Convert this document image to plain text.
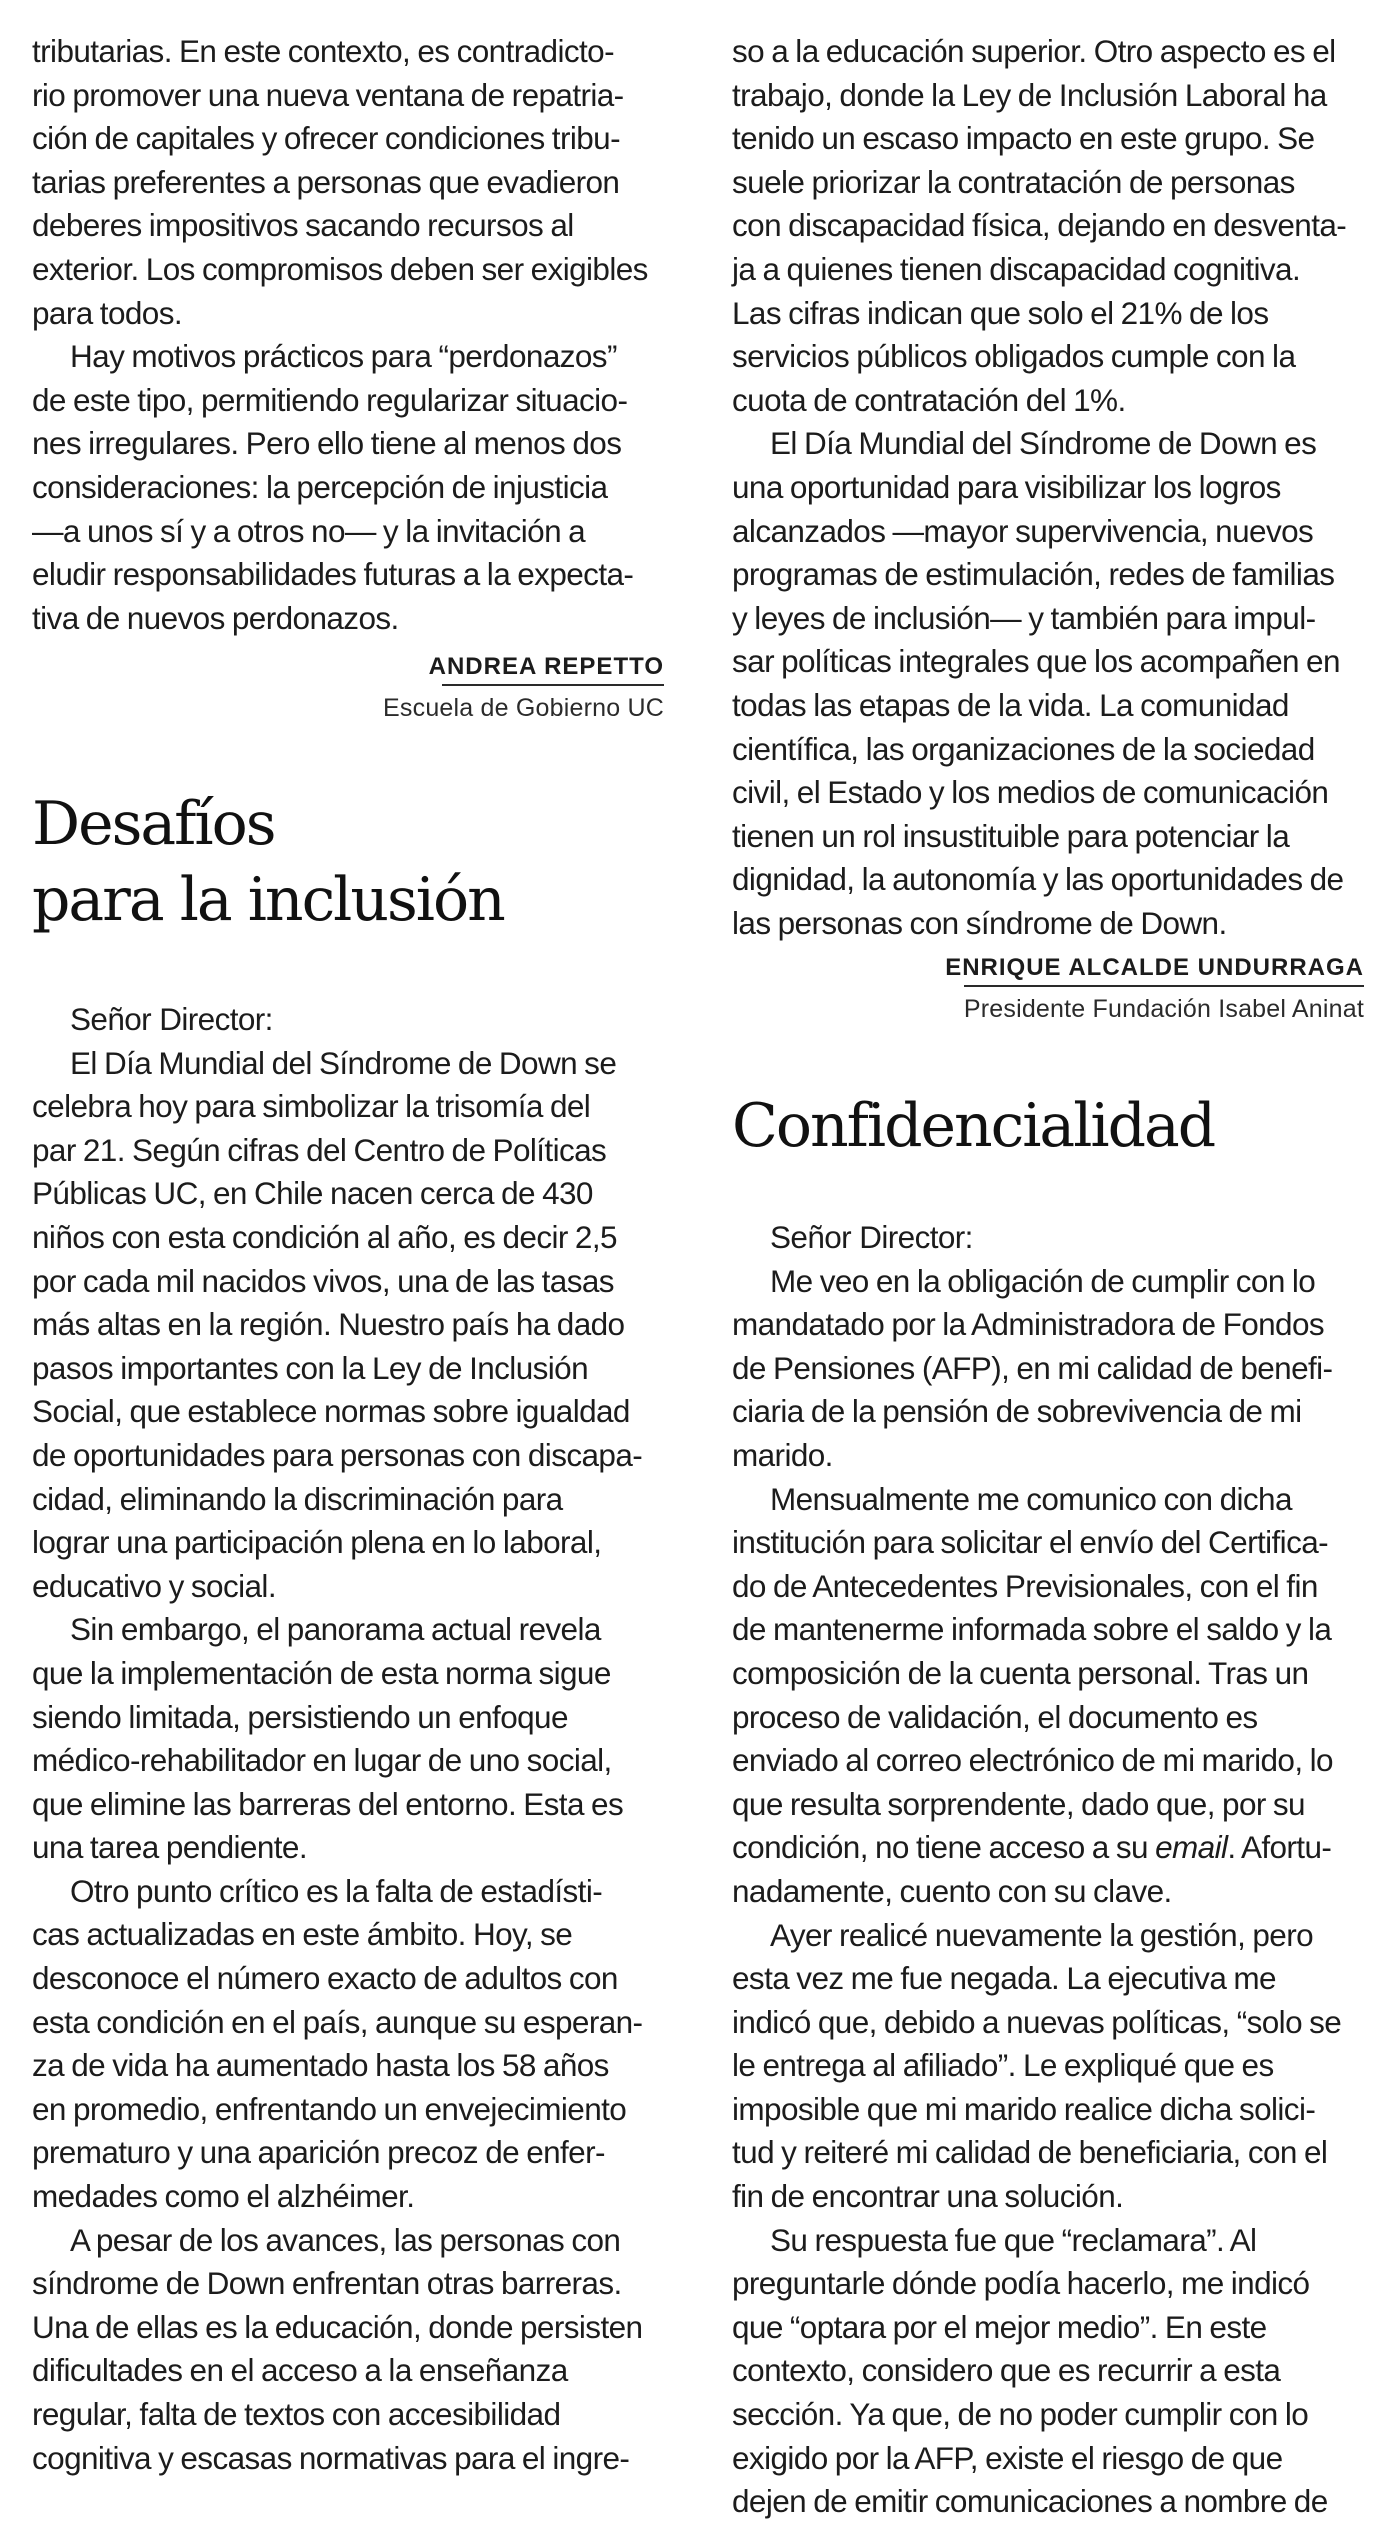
tributarias. En este contexto, es contradicto-
rio promover una nueva ventana de repatria-
ción de capitales y ofrecer condiciones tribu-
tarias preferentes a personas que evadieron
deberes impositivos sacando recursos al
exterior. Los compromisos deben ser exigibles
para todos.

Hay motivos prácticos para “perdonazos”
de este tipo, permitiendo regularizar situacio-
nes irregulares. Pero ello tiene al menos dos
consideraciones: la percepción de injusticia
—a unos sí y a otros no— y la invitación a
eludir responsabilidades futuras a la expecta-
tiva de nuevos perdonazos.

ANDREA REPETTO

Escuela de Gobierno UC

Desafíos
para la inclusión

Señor Director:

El Día Mundial del Síndrome de Down se
celebra hoy para simbolizar la trisomía del
par 21. Según cifras del Centro de Políticas
Públicas UC, en Chile nacen cerca de 430
niños con esta condición al año, es decir 2,5
por cada mil nacidos vivos, una de las tasas
más altas en la región. Nuestro país ha dado
pasos importantes con la Ley de Inclusión
Social, que establece normas sobre igualdad
de oportunidades para personas con discapa-
cidad, eliminando la discriminación para
lograr una participación plena en lo laboral,
educativo y social.

Sin embargo, el panorama actual revela
que la implementación de esta norma sigue
siendo limitada, persistiendo un enfoque
médico-rehabilitador en lugar de uno social,
que elimine las barreras del entorno. Esta es
una tarea pendiente.

Otro punto crítico es la falta de estadísti-
cas actualizadas en este ámbito. Hoy, se
desconoce el número exacto de adultos con
esta condición en el país, aunque su esperan-
za de vida ha aumentado hasta los 58 años
en promedio, enfrentando un envejecimiento
prematuro y una aparición precoz de enfer-
medades como el alzhéimer.

A pesar de los avances, las personas con
síndrome de Down enfrentan otras barreras.
Una de ellas es la educación, donde persisten
dificultades en el acceso a la enseñanza
regular, falta de textos con accesibilidad
cognitiva y escasas normativas para el ingre-

so a la educación superior. Otro aspecto es el
trabajo, donde la Ley de Inclusión Laboral ha
tenido un escaso impacto en este grupo. Se
suele priorizar la contratación de personas
con discapacidad física, dejando en desventa-
ja a quienes tienen discapacidad cognitiva.
Las cifras indican que solo el 21% de los
servicios públicos obligados cumple con la
cuota de contratación del 1%.

El Día Mundial del Síndrome de Down es
una oportunidad para visibilizar los logros
alcanzados —mayor supervivencia, nuevos
programas de estimulación, redes de familias
y leyes de inclusión— y también para impul-
sar políticas integrales que los acompañen en
todas las etapas de la vida. La comunidad
científica, las organizaciones de la sociedad
civil, el Estado y los medios de comunicación
tienen un rol insustituible para potenciar la
dignidad, la autonomía y las oportunidades de
las personas con síndrome de Down.

ENRIQUE ALCALDE UNDURRAGA

Presidente Fundación Isabel Aninat

Confidencialidad

Señor Director:

Me veo en la obligación de cumplir con lo
mandatado por la Administradora de Fondos
de Pensiones (AFP), en mi calidad de benefi-
ciaria de la pensión de sobrevivencia de mi
marido.

Mensualmente me comunico con dicha
institución para solicitar el envío del Certifica-
do de Antecedentes Previsionales, con el fin
de mantenerme informada sobre el saldo y la
composición de la cuenta personal. Tras un
proceso de validación, el documento es
enviado al correo electrónico de mi marido, lo
que resulta sorprendente, dado que, por su
condición, no tiene acceso a su email. Afortu-
nadamente, cuento con su clave.

Ayer realicé nuevamente la gestión, pero
esta vez me fue negada. La ejecutiva me
indicó que, debido a nuevas políticas, “solo se
le entrega al afiliado”. Le expliqué que es
imposible que mi marido realice dicha solici-
tud y reiteré mi calidad de beneficiaria, con el
fin de encontrar una solución.

Su respuesta fue que “reclamara”. Al
preguntarle dónde podía hacerlo, me indicó
que “optara por el mejor medio”. En este
contexto, considero que es recurrir a esta
sección. Ya que, de no poder cumplir con lo
exigido por la AFP, existe el riesgo de que
dejen de emitir comunicaciones a nombre de
